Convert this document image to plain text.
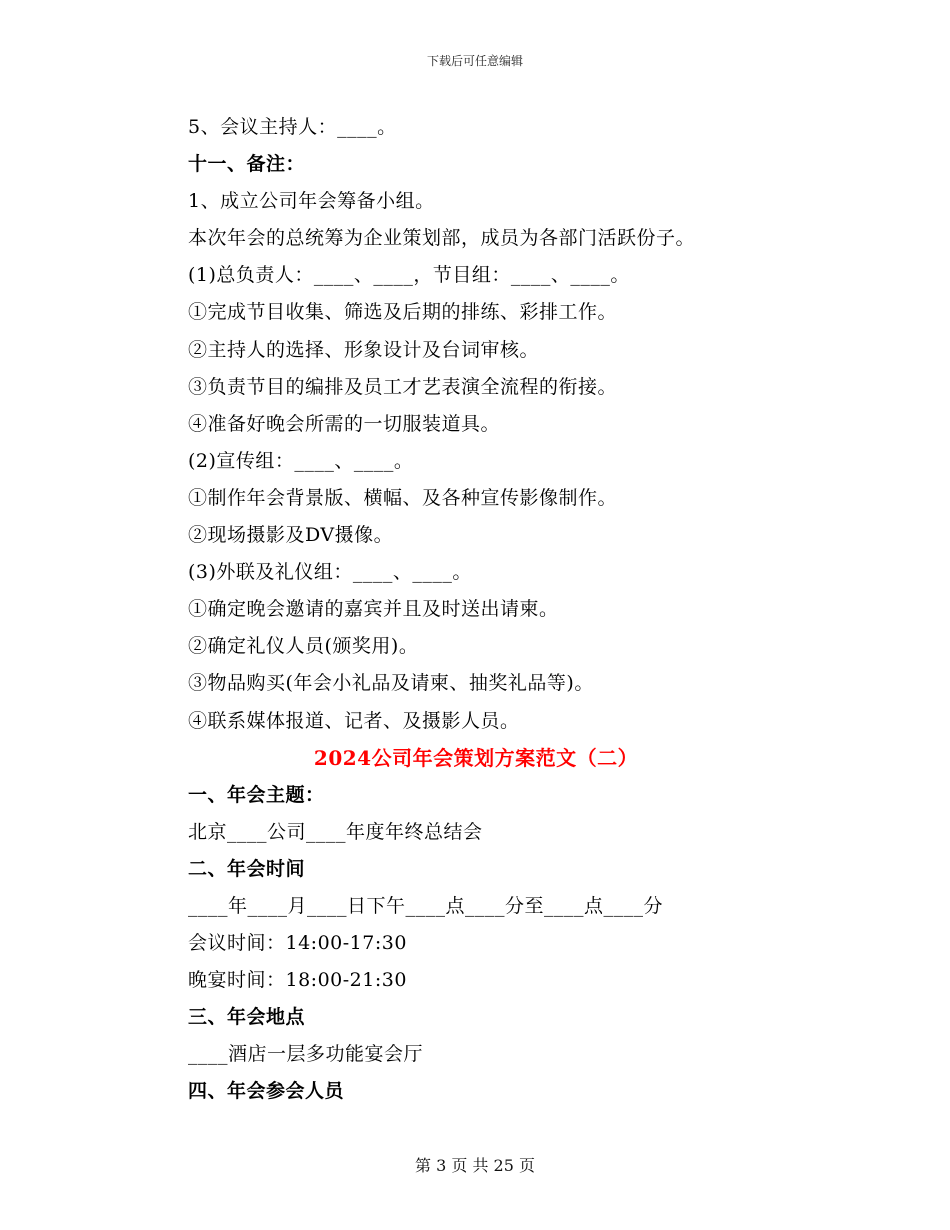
下载后可任意编辑
5、会议主持人：____。
十一、备注：
1、成立公司年会筹备小组。
本次年会的总统筹为企业策划部，成员为各部门活跃份子。
(1)总负责人：____、____，节目组：____、____。
①完成节目收集、筛选及后期的排练、彩排工作。
②主持人的选择、形象设计及台词审核。
③负责节目的编排及员工才艺表演全流程的衔接。
④准备好晚会所需的一切服装道具。
(2)宣传组：____、____。
①制作年会背景版、横幅、及各种宣传影像制作。
②现场摄影及DV摄像。
(3)外联及礼仪组：____、____。
①确定晚会邀请的嘉宾并且及时送出请柬。
②确定礼仪人员(颁奖用)。
③物品购买(年会小礼品及请柬、抽奖礼品等)。
④联系媒体报道、记者、及摄影人员。
2024公司年会策划方案范文（二）
一、年会主题：
北京____公司____年度年终总结会
二、年会时间
____年____月____日下午____点____分至____点____分
会议时间：14:00-17:30
晚宴时间：18:00-21:30
三、年会地点
____酒店一层多功能宴会厅
四、年会参会人员
第 3 页 共 25 页
